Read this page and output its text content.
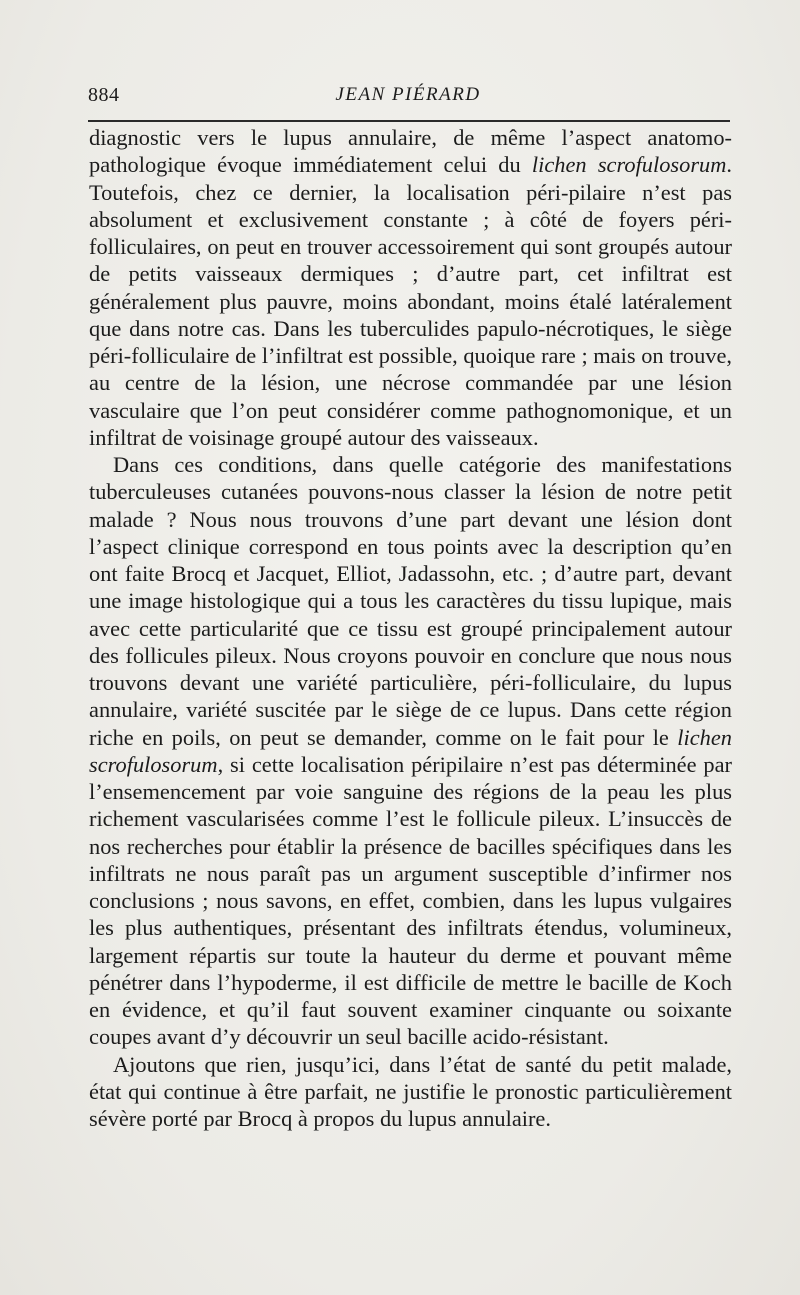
884	JEAN PIÉRARD

diagnostic vers le lupus annulaire, de même l’aspect anatomo-pathologique évoque immédiatement celui du lichen scrofulosorum. Toutefois, chez ce dernier, la localisation péri-pilaire n’est pas absolument et exclusivement constante ; à côté de foyers péri-folliculaires, on peut en trouver accessoirement qui sont groupés autour de petits vaisseaux dermiques ; d’autre part, cet infiltrat est généralement plus pauvre, moins abondant, moins étalé latéralement que dans notre cas. Dans les tuberculides papulo-nécrotiques, le siège péri-folliculaire de l’infiltrat est possible, quoique rare ; mais on trouve, au centre de la lésion, une nécrose commandée par une lésion vasculaire que l’on peut considérer comme pathognomonique, et un infiltrat de voisinage groupé autour des vaisseaux.

Dans ces conditions, dans quelle catégorie des manifestations tuberculeuses cutanées pouvons-nous classer la lésion de notre petit malade ? Nous nous trouvons d’une part devant une lésion dont l’aspect clinique correspond en tous points avec la description qu’en ont faite Brocq et Jacquet, Elliot, Jadassohn, etc. ; d’autre part, devant une image histologique qui a tous les caractères du tissu lupique, mais avec cette particularité que ce tissu est groupé principalement autour des follicules pileux. Nous croyons pouvoir en conclure que nous nous trouvons devant une variété particulière, péri-folliculaire, du lupus annulaire, variété suscitée par le siège de ce lupus. Dans cette région riche en poils, on peut se demander, comme on le fait pour le lichen scrofulosorum, si cette localisation péripilaire n’est pas déterminée par l’ensemencement par voie sanguine des régions de la peau les plus richement vascularisées comme l’est le follicule pileux. L’insuccès de nos recherches pour établir la présence de bacilles spécifiques dans les infiltrats ne nous paraît pas un argument susceptible d’infirmer nos conclusions ; nous savons, en effet, combien, dans les lupus vulgaires les plus authentiques, présentant des infiltrats étendus, volumineux, largement répartis sur toute la hauteur du derme et pouvant même pénétrer dans l’hypoderme, il est difficile de mettre le bacille de Koch en évidence, et qu’il faut souvent examiner cinquante ou soixante coupes avant d’y découvrir un seul bacille acido-résistant.

Ajoutons que rien, jusqu’ici, dans l’état de santé du petit malade, état qui continue à être parfait, ne justifie le pronostic particulièrement sévère porté par Brocq à propos du lupus annulaire.
